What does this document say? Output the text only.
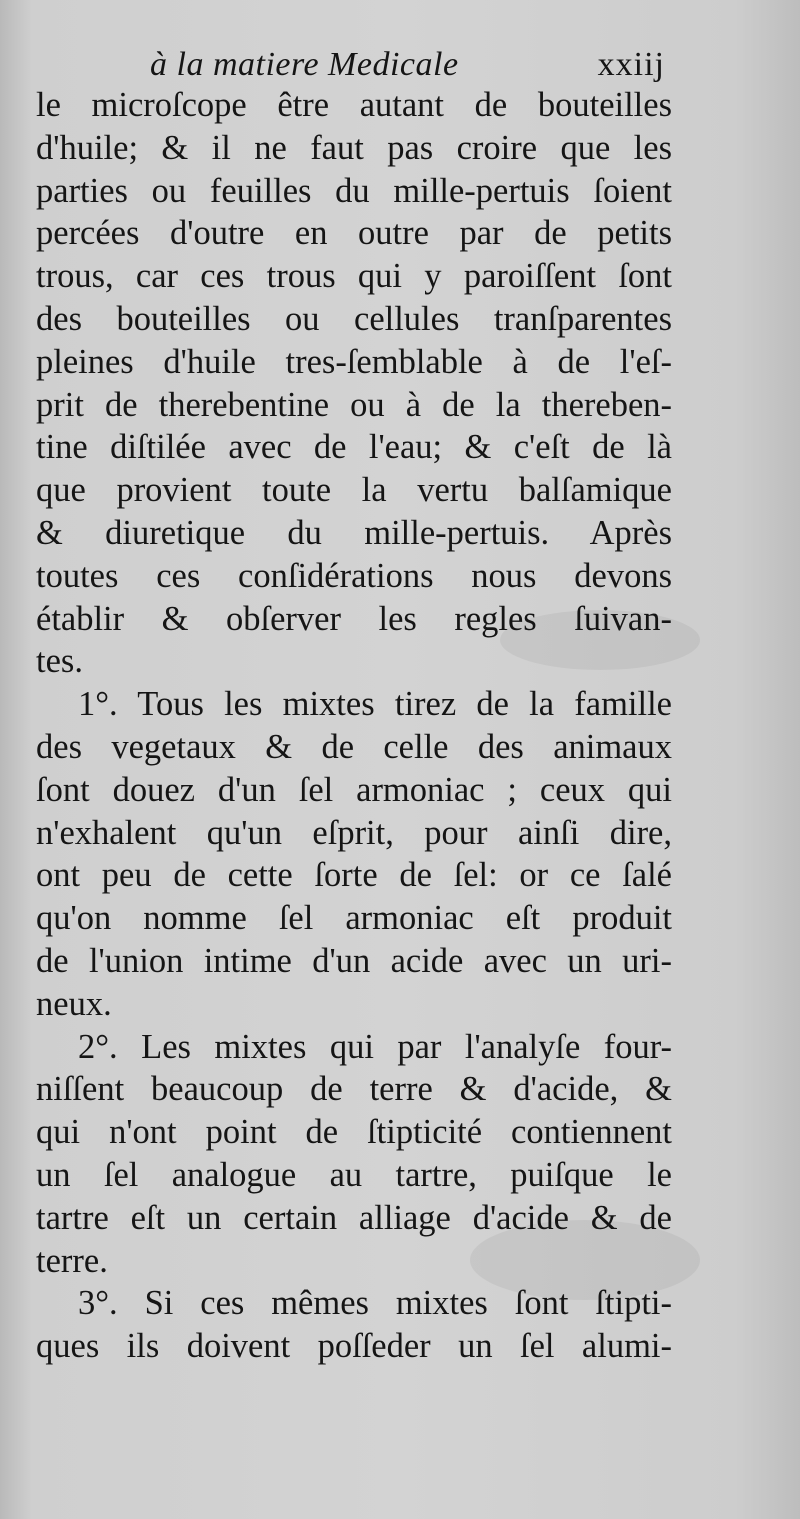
à la matiere Medicale	xxiij
le microſcope être autant de bouteilles
d'huile; & il ne faut pas croire que les
parties ou feuilles du mille-pertuis ſoient
percées d'outre en outre par de petits
trous, car ces trous qui y paroiſſent ſont
des bouteilles ou cellules tranſparentes
pleines d'huile tres-ſemblable à de l'eſ-
prit de therebentine ou à de la thereben-
tine diſtilée avec de l'eau; & c'eſt de là
que provient toute la vertu balſamique
& diuretique du mille-pertuis. Après
toutes ces conſidérations nous devons
établir & obſerver les regles ſuivan-
tes.
1°. Tous les mixtes tirez de la famille
des vegetaux & de celle des animaux
ſont douez d'un ſel armoniac ; ceux qui
n'exhalent qu'un eſprit, pour ainſi dire,
ont peu de cette ſorte de ſel: or ce ſalé
qu'on nomme ſel armoniac eſt produit
de l'union intime d'un acide avec un uri-
neux.
2°. Les mixtes qui par l'analyſe four-
niſſent beaucoup de terre & d'acide, &
qui n'ont point de ſtipticité contiennent
un ſel analogue au tartre, puiſque le
tartre eſt un certain alliage d'acide & de
terre.
3°. Si ces mêmes mixtes ſont ſtipti-
ques ils doivent poſſeder un ſel alumi-
